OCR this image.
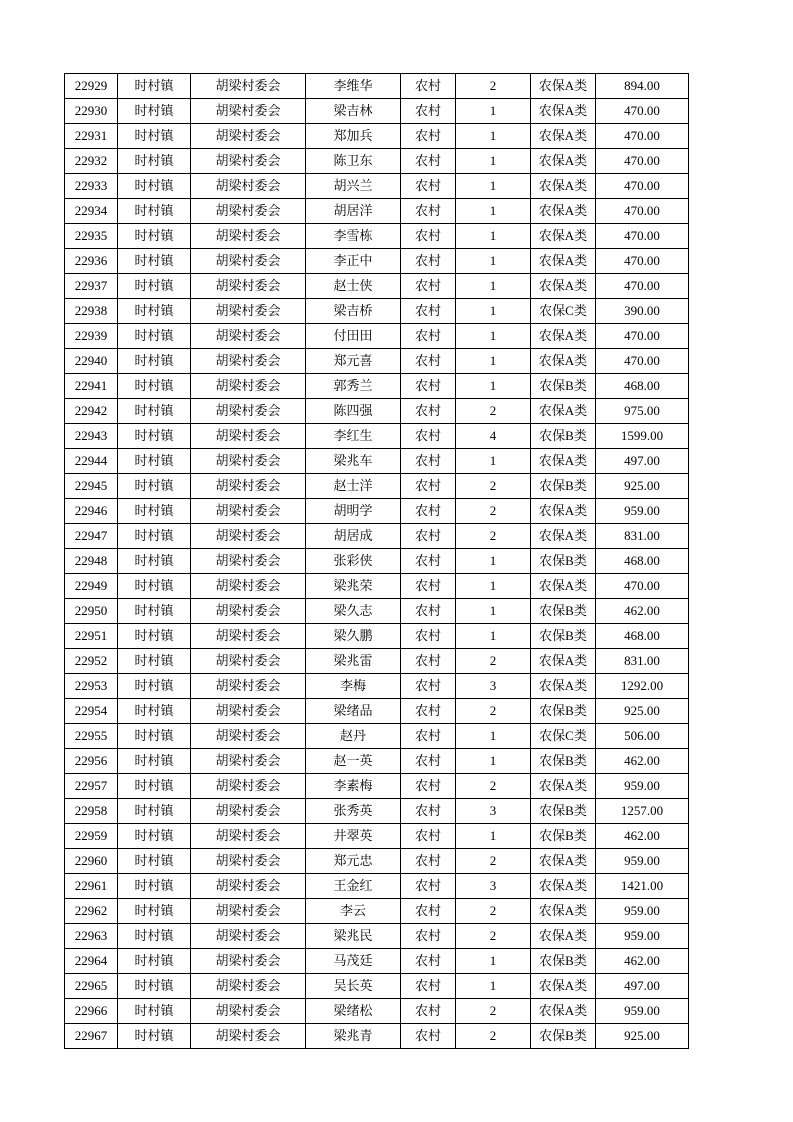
22929	时村镇	胡梁村委会	李维华	农村	2	农保A类	894.00
22930	时村镇	胡梁村委会	梁吉林	农村	1	农保A类	470.00
22931	时村镇	胡梁村委会	郑加兵	农村	1	农保A类	470.00
22932	时村镇	胡梁村委会	陈卫东	农村	1	农保A类	470.00
22933	时村镇	胡梁村委会	胡兴兰	农村	1	农保A类	470.00
22934	时村镇	胡梁村委会	胡居洋	农村	1	农保A类	470.00
22935	时村镇	胡梁村委会	李雪栋	农村	1	农保A类	470.00
22936	时村镇	胡梁村委会	李正中	农村	1	农保A类	470.00
22937	时村镇	胡梁村委会	赵士侠	农村	1	农保A类	470.00
22938	时村镇	胡梁村委会	梁吉桥	农村	1	农保C类	390.00
22939	时村镇	胡梁村委会	付田田	农村	1	农保A类	470.00
22940	时村镇	胡梁村委会	郑元喜	农村	1	农保A类	470.00
22941	时村镇	胡梁村委会	郭秀兰	农村	1	农保B类	468.00
22942	时村镇	胡梁村委会	陈四强	农村	2	农保A类	975.00
22943	时村镇	胡梁村委会	李红生	农村	4	农保B类	1599.00
22944	时村镇	胡梁村委会	梁兆车	农村	1	农保A类	497.00
22945	时村镇	胡梁村委会	赵士洋	农村	2	农保B类	925.00
22946	时村镇	胡梁村委会	胡明学	农村	2	农保A类	959.00
22947	时村镇	胡梁村委会	胡居成	农村	2	农保A类	831.00
22948	时村镇	胡梁村委会	张彩侠	农村	1	农保B类	468.00
22949	时村镇	胡梁村委会	梁兆荣	农村	1	农保A类	470.00
22950	时村镇	胡梁村委会	梁久志	农村	1	农保B类	462.00
22951	时村镇	胡梁村委会	梁久鹏	农村	1	农保B类	468.00
22952	时村镇	胡梁村委会	梁兆雷	农村	2	农保A类	831.00
22953	时村镇	胡梁村委会	李梅	农村	3	农保A类	1292.00
22954	时村镇	胡梁村委会	梁绪品	农村	2	农保B类	925.00
22955	时村镇	胡梁村委会	赵丹	农村	1	农保C类	506.00
22956	时村镇	胡梁村委会	赵一英	农村	1	农保B类	462.00
22957	时村镇	胡梁村委会	李素梅	农村	2	农保A类	959.00
22958	时村镇	胡梁村委会	张秀英	农村	3	农保B类	1257.00
22959	时村镇	胡梁村委会	井翠英	农村	1	农保B类	462.00
22960	时村镇	胡梁村委会	郑元忠	农村	2	农保A类	959.00
22961	时村镇	胡梁村委会	王金红	农村	3	农保A类	1421.00
22962	时村镇	胡梁村委会	李云	农村	2	农保A类	959.00
22963	时村镇	胡梁村委会	梁兆民	农村	2	农保A类	959.00
22964	时村镇	胡梁村委会	马茂廷	农村	1	农保B类	462.00
22965	时村镇	胡梁村委会	吴长英	农村	1	农保A类	497.00
22966	时村镇	胡梁村委会	梁绪松	农村	2	农保A类	959.00
22967	时村镇	胡梁村委会	梁兆青	农村	2	农保B类	925.00
